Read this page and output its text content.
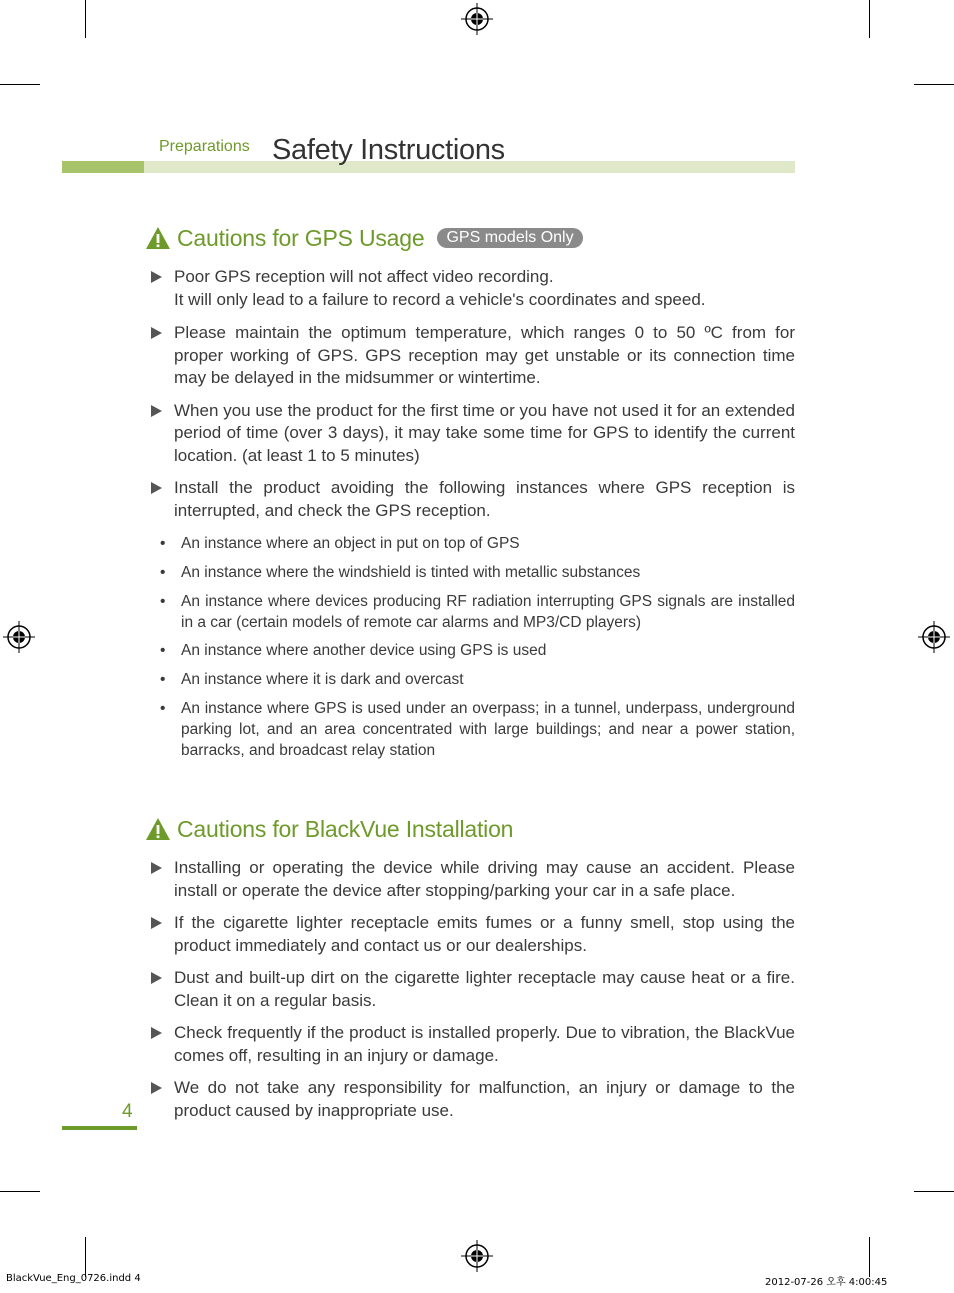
Preparations Safety Instructions
Cautions for GPS Usage	GPS models Only

Poor GPS reception will not affect video recording.

It will only lead to a failure to record a vehicle's coordinates and speed.

Please maintain the optimum temperature, which ranges 0 to 50 ºC from for proper working of GPS. GPS reception may get unstable or its connection time may be delayed in the midsummer or wintertime.

When you use the product for the first time or you have not used it for an extended period of time (over 3 days), it may take some time for GPS to identify the current location. (at least 1 to 5 minutes)

Install the product avoiding the following instances where GPS reception is interrupted, and check the GPS reception.

• An instance where an object in put on top of GPS
• An instance where the windshield is tinted with metallic substances
• An instance where devices producing RF radiation interrupting GPS signals are installed in a car (certain models of remote car alarms and MP3/CD players)
• An instance where another device using GPS is used
• An instance where it is dark and overcast
• An instance where GPS is used under an overpass; in a tunnel, underpass, underground parking lot, and an area concentrated with large buildings; and near a power station, barracks, and broadcast relay station
Cautions for BlackVue Installation

Installing or operating the device while driving may cause an accident. Please install or operate the device after stopping/parking your car in a safe place.

If the cigarette lighter receptacle emits fumes or a funny smell, stop using the product immediately and contact us or our dealerships.

Dust and built-up dirt on the cigarette lighter receptacle may cause heat or a fire. Clean it on a regular basis.

Check frequently if the product is installed properly. Due to vibration, the BlackVue comes off, resulting in an injury or damage.

We do not take any responsibility for malfunction, an injury or damage to the product caused by inappropriate use.

4
BlackVue_Eng_0726.indd 4	2012-07-26 오후 4:00:45
